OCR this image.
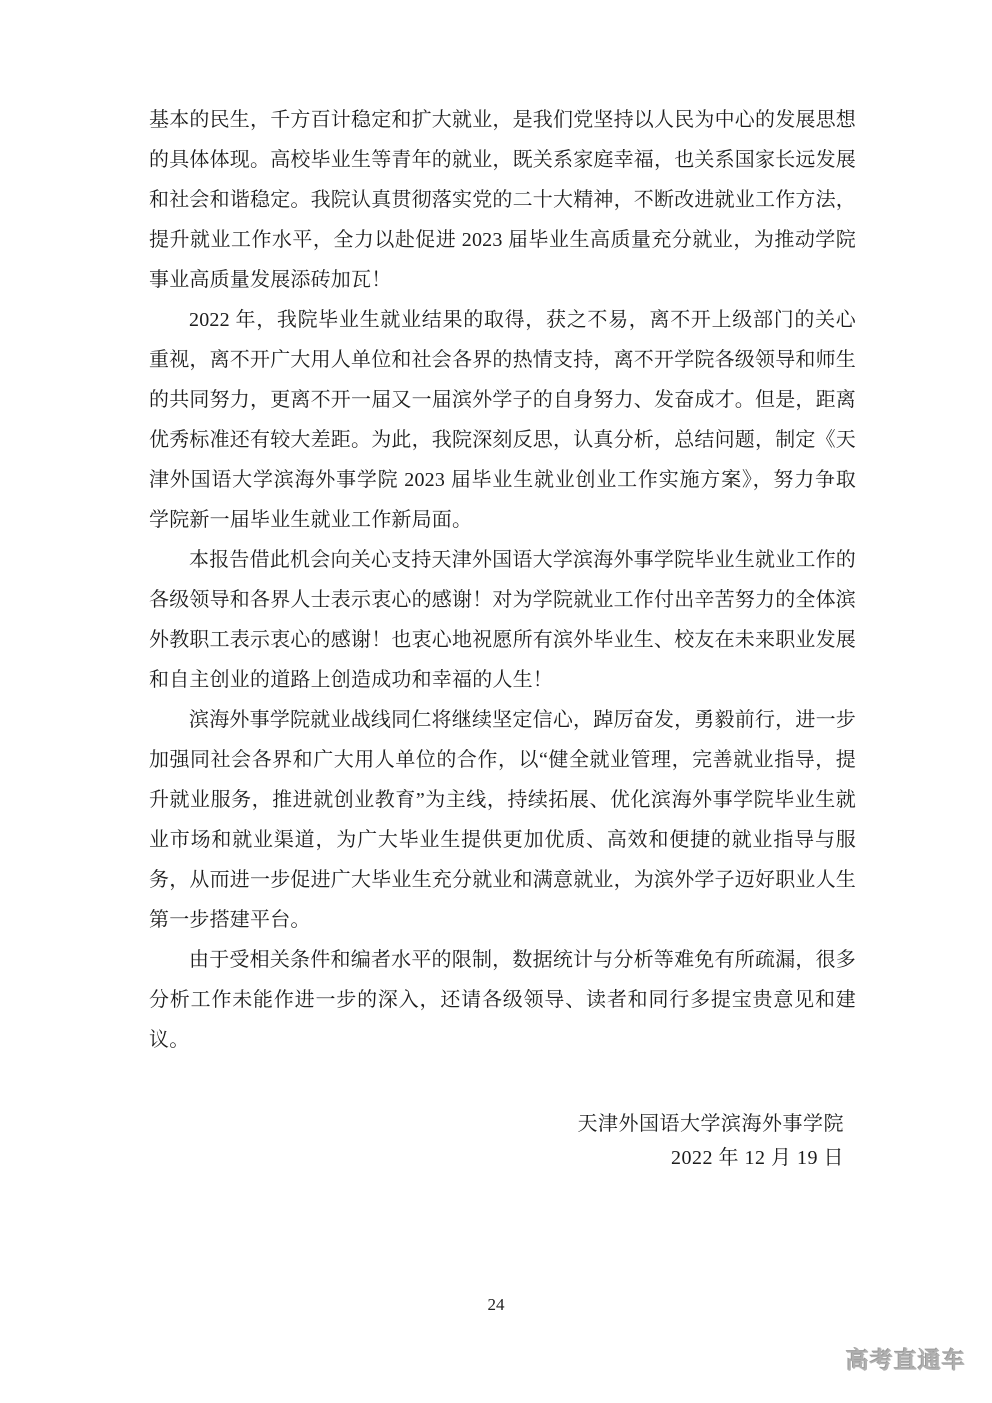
基本的民生，千方百计稳定和扩大就业，是我们党坚持以人民为中心的发展思想的具体体现。高校毕业生等青年的就业，既关系家庭幸福，也关系国家长远发展和社会和谐稳定。我院认真贯彻落实党的二十大精神，不断改进就业工作方法，提升就业工作水平，全力以赴促进 2023 届毕业生高质量充分就业，为推动学院事业高质量发展添砖加瓦！

2022 年，我院毕业生就业结果的取得，获之不易，离不开上级部门的关心重视，离不开广大用人单位和社会各界的热情支持，离不开学院各级领导和师生的共同努力，更离不开一届又一届滨外学子的自身努力、发奋成才。但是，距离优秀标准还有较大差距。为此，我院深刻反思，认真分析，总结问题，制定《天津外国语大学滨海外事学院 2023 届毕业生就业创业工作实施方案》，努力争取学院新一届毕业生就业工作新局面。

本报告借此机会向关心支持天津外国语大学滨海外事学院毕业生就业工作的各级领导和各界人士表示衷心的感谢！对为学院就业工作付出辛苦努力的全体滨外教职工表示衷心的感谢！也衷心地祝愿所有滨外毕业生、校友在未来职业发展和自主创业的道路上创造成功和幸福的人生！

滨海外事学院就业战线同仁将继续坚定信心，踔厉奋发，勇毅前行，进一步加强同社会各界和广大用人单位的合作，以“健全就业管理，完善就业指导，提升就业服务，推进就创业教育”为主线，持续拓展、优化滨海外事学院毕业生就业市场和就业渠道，为广大毕业生提供更加优质、高效和便捷的就业指导与服务，从而进一步促进广大毕业生充分就业和满意就业，为滨外学子迈好职业人生第一步搭建平台。

由于受相关条件和编者水平的限制，数据统计与分析等难免有所疏漏，很多分析工作未能作进一步的深入，还请各级领导、读者和同行多提宝贵意见和建议。

天津外国语大学滨海外事学院
2022 年 12 月 19 日
24
高考直通车
